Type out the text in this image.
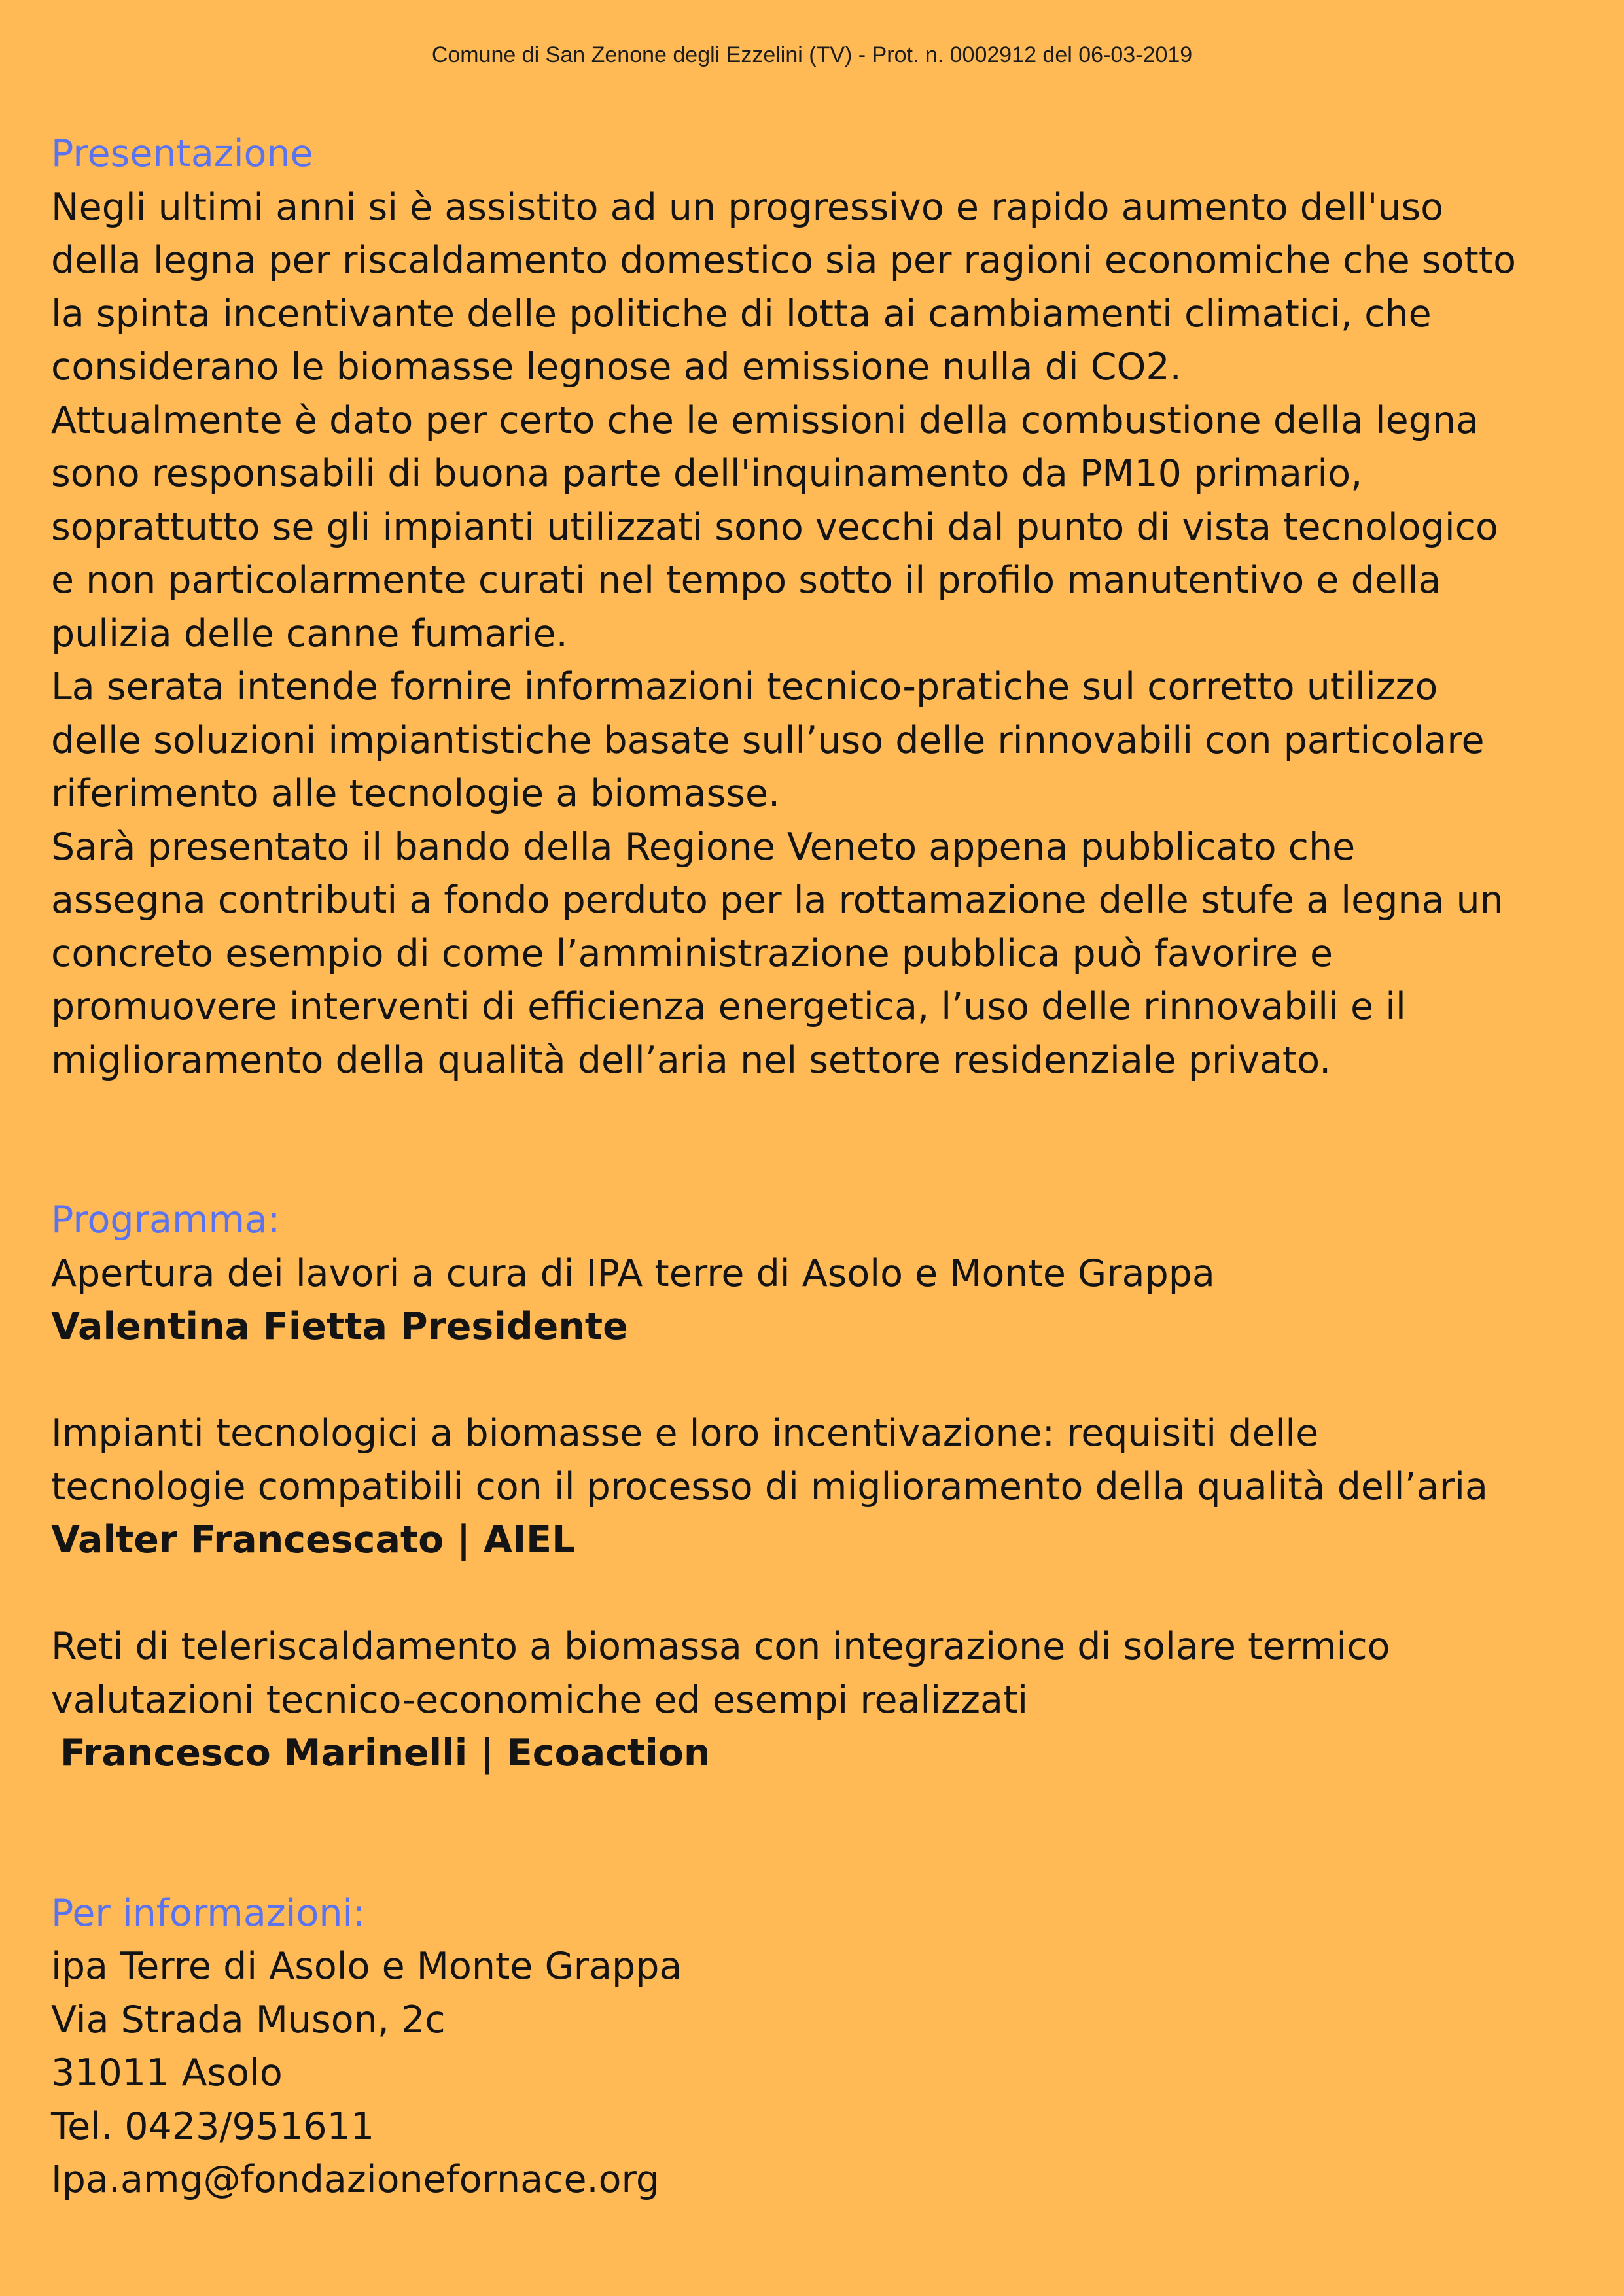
Comune di San Zenone degli Ezzelini (TV) - Prot. n. 0002912 del 06-03-2019
Presentazione
Negli ultimi anni si è assistito ad un progressivo e rapido aumento dell'uso
della legna per riscaldamento domestico sia per ragioni economiche che sotto
la spinta incentivante delle politiche di lotta ai cambiamenti climatici, che
considerano le biomasse legnose ad emissione nulla di CO2.
Attualmente è dato per certo che le emissioni della combustione della legna
sono responsabili di buona parte dell'inquinamento da PM10 primario,
soprattutto se gli impianti utilizzati sono vecchi dal punto di vista tecnologico
e non particolarmente curati nel tempo sotto il profilo manutentivo e della
pulizia delle canne fumarie.
La serata intende fornire informazioni tecnico-pratiche sul corretto utilizzo
delle soluzioni impiantistiche basate sull’uso delle rinnovabili con particolare
riferimento alle tecnologie a biomasse.
Sarà presentato il bando della Regione Veneto appena pubblicato che
assegna contributi a fondo perduto per la rottamazione delle stufe a legna un
concreto esempio di come l’amministrazione pubblica può favorire e
promuovere interventi di efficienza energetica, l’uso delle rinnovabili e il
miglioramento della qualità dell’aria nel settore residenziale privato.
Programma:
Apertura dei lavori a cura di IPA terre di Asolo e Monte Grappa
Valentina Fietta Presidente
Impianti tecnologici a biomasse e loro incentivazione: requisiti delle
tecnologie compatibili con il processo di miglioramento della qualità dell’aria
Valter Francescato | AIEL
Reti di teleriscaldamento a biomassa con integrazione di solare termico
valutazioni tecnico-economiche ed esempi realizzati
Francesco Marinelli | Ecoaction
Per informazioni:
ipa Terre di Asolo e Monte Grappa
Via Strada Muson, 2c
31011 Asolo
Tel. 0423/951611
Ipa.amg@fondazionefornace.org
